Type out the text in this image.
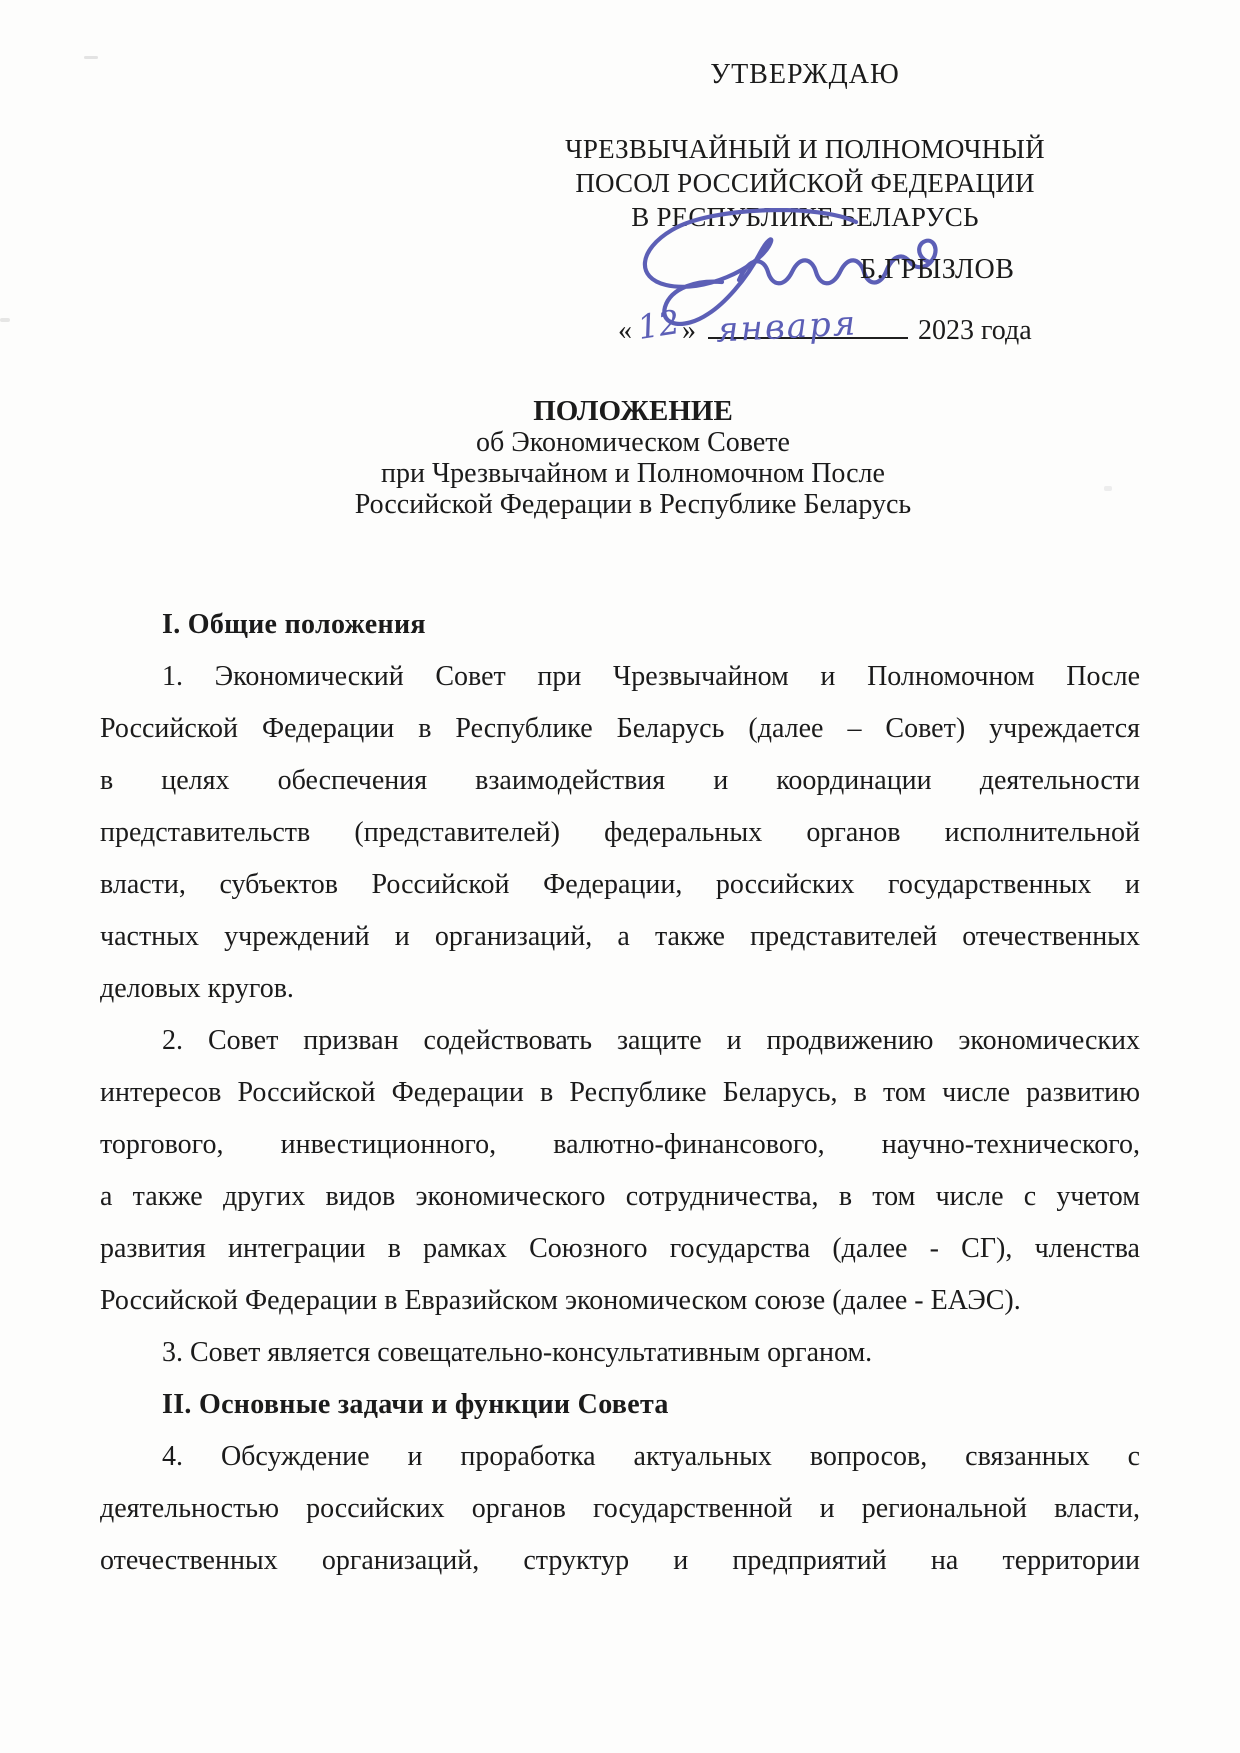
УТВЕРЖДАЮ
ЧРЕЗВЫЧАЙНЫЙ И ПОЛНОМОЧНЫЙ
ПОСОЛ РОССИЙСКОЙ ФЕДЕРАЦИИ
В РЕСПУБЛИКЕ БЕЛАРУСЬ
Б.ГРЫЗЛОВ
«12» января 2023 года
ПОЛОЖЕНИЕ
об Экономическом Совете
при Чрезвычайном и Полномочном После
Российской Федерации в Республике Беларусь
I. Общие положения
1. Экономический Совет при Чрезвычайном и Полномочном После
Российской Федерации в Республике Беларусь (далее – Совет) учреждается
в целях обеспечения взаимодействия и координации деятельности
представительств (представителей) федеральных органов исполнительной
власти, субъектов Российской Федерации, российских государственных и
частных учреждений и организаций, а также представителей отечественных
деловых кругов.
2. Совет призван содействовать защите и продвижению экономических
интересов Российской Федерации в Республике Беларусь, в том числе развитию
торгового, инвестиционного, валютно-финансового, научно-технического,
а также других видов экономического сотрудничества, в том числе с учетом
развития интеграции в рамках Союзного государства (далее - СГ), членства
Российской Федерации в Евразийском экономическом союзе (далее - ЕАЭС).
3. Совет является совещательно-консультативным органом.
II. Основные задачи и функции Совета
4. Обсуждение и проработка актуальных вопросов, связанных с
деятельностью российских органов государственной и региональной власти,
отечественных организаций, структур и предприятий на территории
